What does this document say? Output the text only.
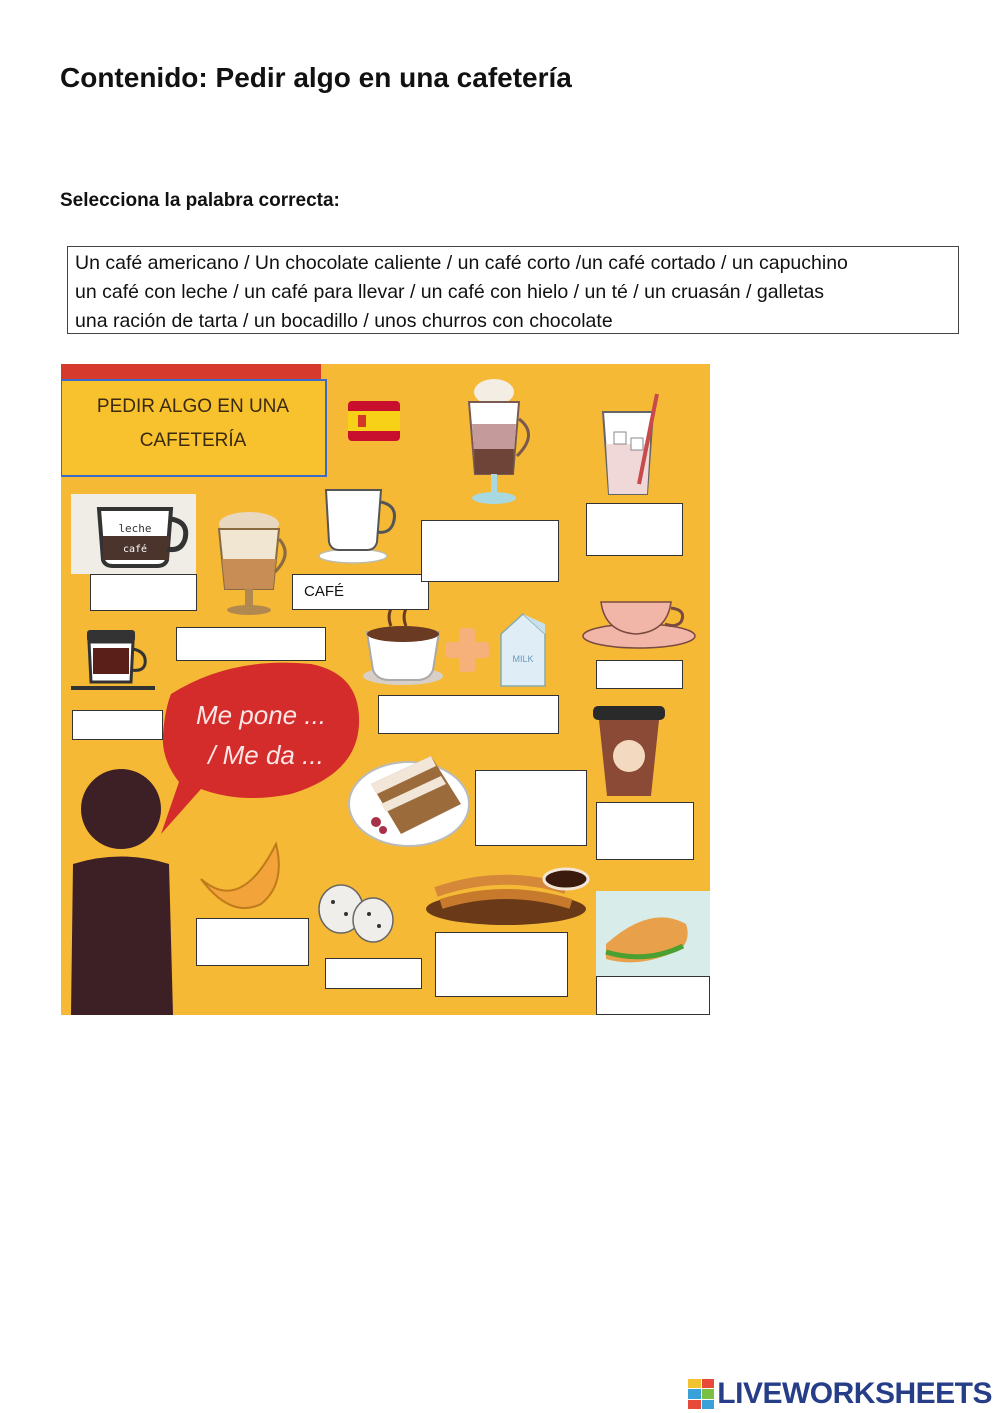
Contenido: Pedir algo en una cafetería
Selecciona la palabra correcta:
Un café americano / Un chocolate caliente / un café corto /un café cortado / un capuchino
un café con leche / un café para llevar / un café con hielo / un té / un cruasán / galletas
una ración de tarta / un bocadillo / unos churros con chocolate
PEDIR ALGO EN UNA
CAFETERÍA
leche
café
MILK
Me pone ...
/ Me da ...
CAFÉ
LIVEWORKSHEETS
